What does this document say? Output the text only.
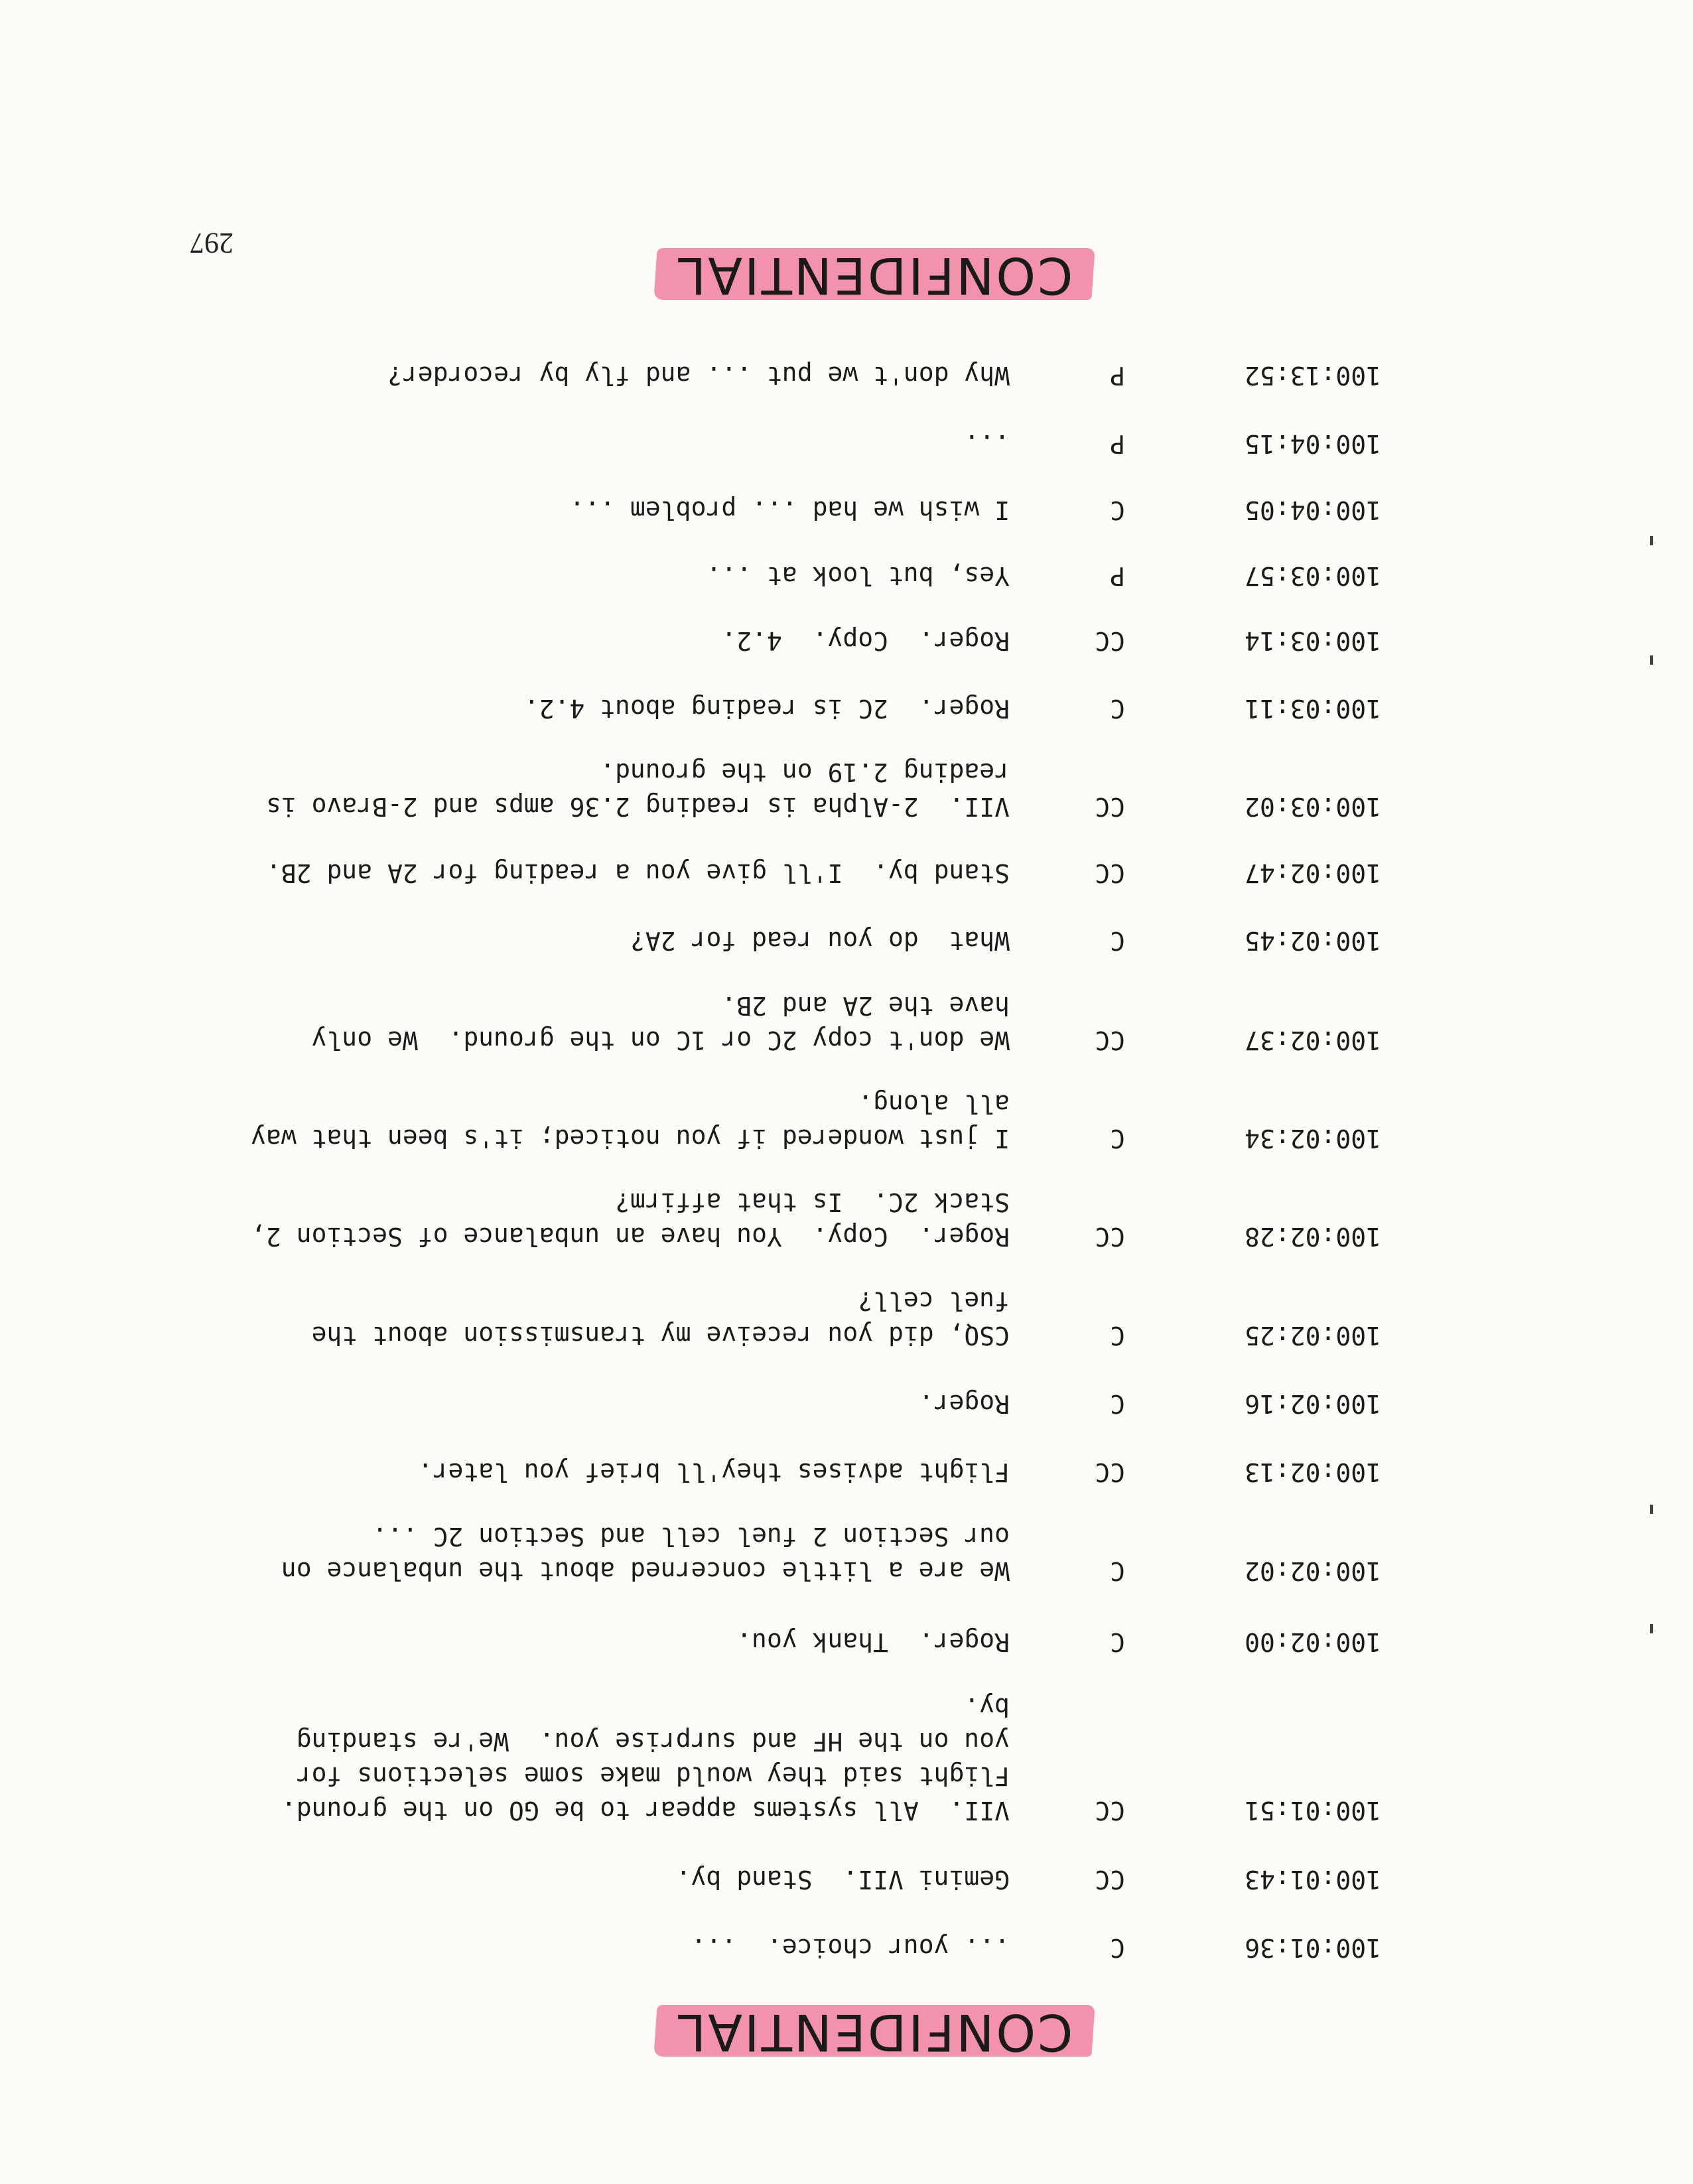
CONFIDENTIAL
297
100:01:36
C
... your choice.  ...
100:01:43
CC
Gemini VII.  Stand by.
100:01:51
CC
VII.  All systems appear to be GO on the ground.
Flight said they would make some selections for
you on the HF and surprise you.  We're standing
by.
100:02:00
C
Roger.  Thank you.
100:02:02
C
We are a little concerned about the unbalance on
our Section 2 fuel cell and Section 2C ...
100:02:13
CC
Flight advises they'll brief you later.
100:02:16
C
Roger.
100:02:25
C
CSQ, did you receive my transmission about the
fuel cell?
100:02:28
CC
Roger.  Copy.  You have an unbalance of Section 2,
Stack 2C.  Is that affirm?
100:02:34
C
I just wondered if you noticed; it's been that way
all along.
100:02:37
CC
We don't copy 2C or 1C on the ground.  We only
have the 2A and 2B.
100:02:45
C
What  do you read for 2A?
100:02:47
CC
Stand by.  I'll give you a reading for 2A and 2B.
100:03:02
CC
VII.  2-Alpha is reading 2.36 amps and 2-Bravo is
reading 2.19 on the ground.
100:03:11
C
Roger.  2C is reading about 4.2.
100:03:14
CC
Roger.  Copy.  4.2.
100:03:57
P
Yes, but look at ...
100:04:05
C
I wish we had ... problem ...
100:04:15
P
...
100:13:52
P
Why don't we put ... and fly by recorder?
CONFIDENTIAL
